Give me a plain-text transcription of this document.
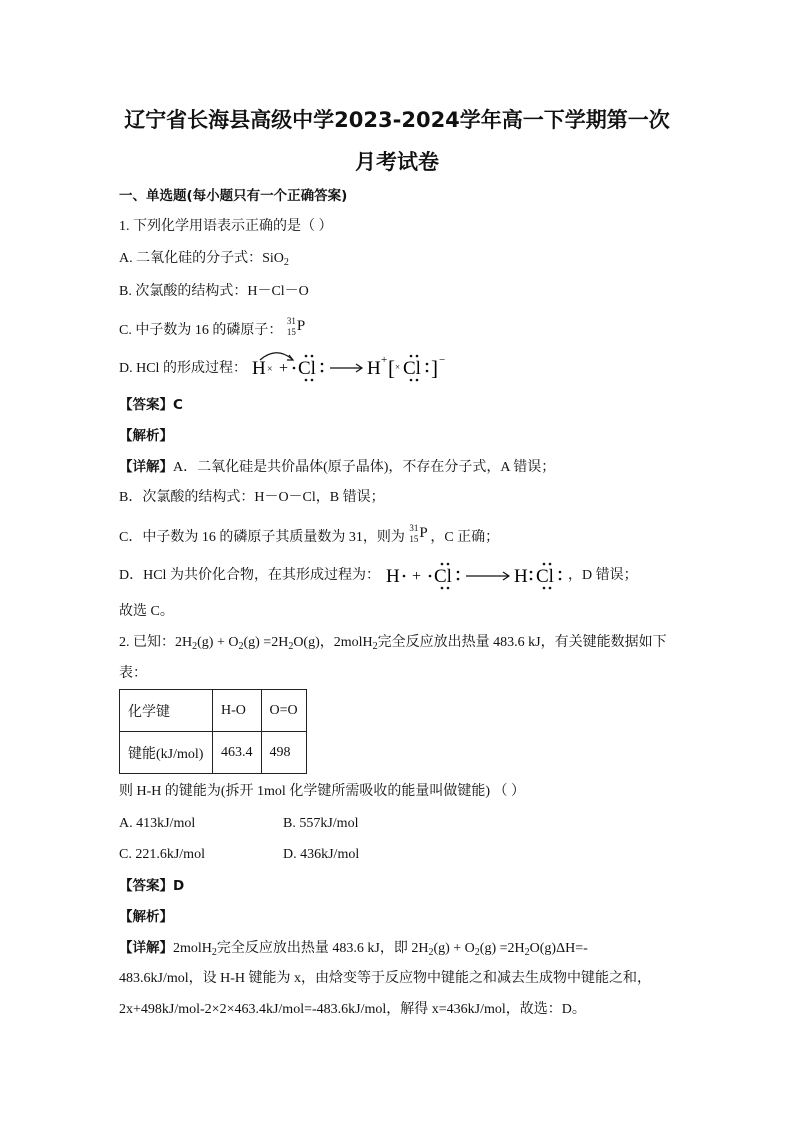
辽宁省长海县高级中学2023-2024学年高一下学期第一次
月考试卷
一、单选题(每小题只有一个正确答案)
1. 下列化学用语表示正确的是（ ）
A. 二氧化硅的分子式：SiO$_2$
B. 次氯酸的结构式：H－Cl－O
C. 中子数为 16 的磷原子：
31
15 P
D. HCl 的形成过程： H × + Cl	H + [ × Cl ] −
【答案】C
【解析】
【详解】A．二氧化硅是共价晶体(原子晶体)，不存在分子式，A 错误；
B．次氯酸的结构式：H－O－Cl，B 错误；
C．中子数为 16 的磷原子其质量数为 31，则为
31
15 P ，C 正确；
D．HCl 为共价化合物，在其形成过程为： H + Cl	H Cl ，D 错误；
故选 C。
2. 已知：$2H_2(g) + O_2(g) =2H_2O(g)$，2molH$_2$完全反应放出热量 483.6 kJ，有关键能数据如下
表：
化学键	H-O	O=O
键能(kJ/mol)	463.4	498
则 H-H 的键能为(拆开 1mol 化学键所需吸收的能量叫做键能) （ ）
A. 413kJ/mol	B. 557kJ/mol
C. 221.6kJ/mol	D. 436kJ/mol
【答案】D
【解析】
【详解】2molH$_2$完全反应放出热量 483.6 kJ，即 $2H_2(g) + O_2(g) =2H_2O(g)\Delta H=-$
483.6kJ/mol，设 H-H 键能为 x，由焓变等于反应物中键能之和减去生成物中键能之和，
2x+498kJ/mol-2×2×463.4kJ/mol=-483.6kJ/mol，解得 x=436kJ/mol，故选：D。
